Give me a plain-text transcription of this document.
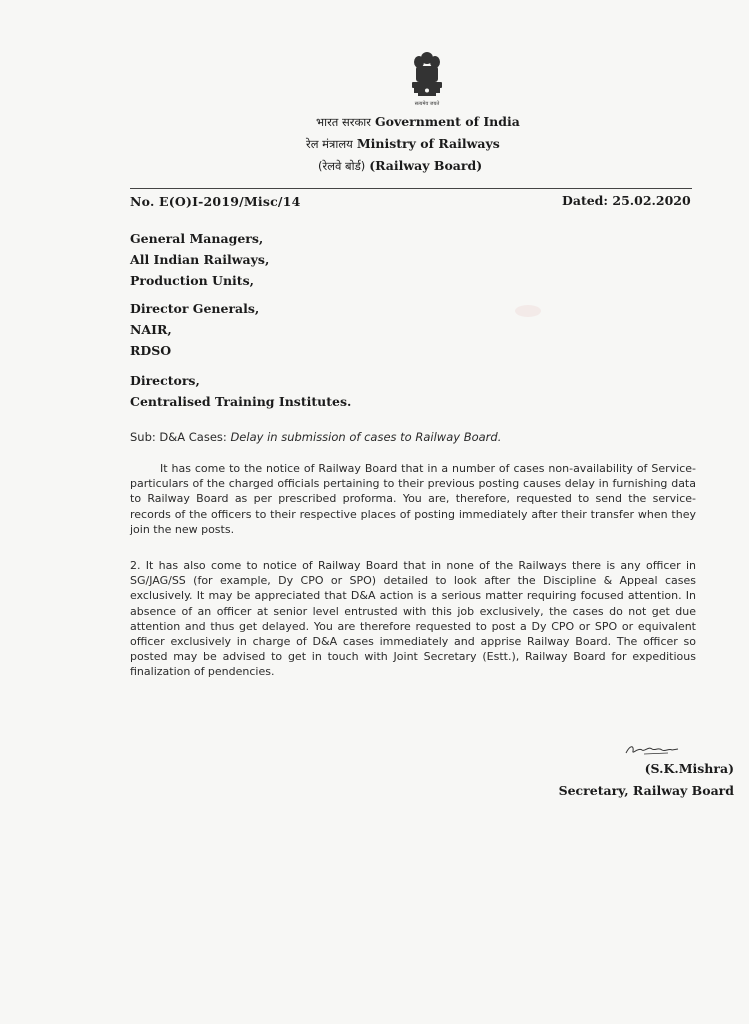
सत्यमेव जयते
भारत सरकार Government of India
रेल मंत्रालय Ministry of Railways
(रेलवे बोर्ड) (Railway Board)
No. E(O)I-2019/Misc/14	Dated: 25.02.2020
General Managers,
All Indian Railways,
Production Units,
Director Generals,
NAIR,
RDSO
Directors,
Centralised Training Institutes.
Sub: D&A Cases: Delay in submission of cases to Railway Board.
It has come to the notice of Railway Board that in a number of cases non-availability of Service-particulars of the charged officials pertaining to their previous posting causes delay in furnishing data to Railway Board as per prescribed proforma. You are, therefore, requested to send the service-records of the officers to their respective places of posting immediately after their transfer when they join the new posts.
2. It has also come to notice of Railway Board that in none of the Railways there is any officer in SG/JAG/SS (for example, Dy CPO or SPO) detailed to look after the Discipline & Appeal cases exclusively. It may be appreciated that D&A action is a serious matter requiring focused attention. In absence of an officer at senior level entrusted with this job exclusively, the cases do not get due attention and thus get delayed. You are therefore requested to post a Dy CPO or SPO or equivalent officer exclusively in charge of D&A cases immediately and apprise Railway Board. The officer so posted may be advised to get in touch with Joint Secretary (Estt.), Railway Board for expeditious finalization of pendencies.
(S.K.Mishra)
Secretary, Railway Board
